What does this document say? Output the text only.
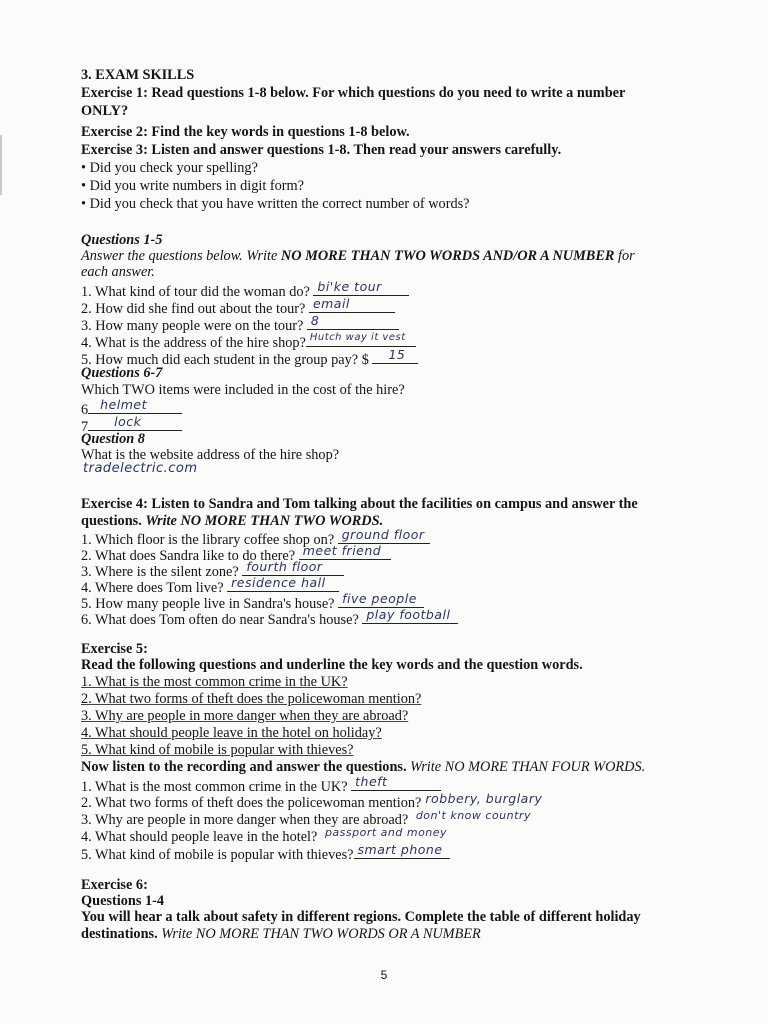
3. EXAM SKILLS
Exercise 1: Read questions 1-8 below. For which questions do you need to write a number
ONLY?
Exercise 2: Find the key words in questions 1-8 below.
Exercise 3: Listen and answer questions 1-8. Then read your answers carefully.
• Did you check your spelling?
• Did you write numbers in digit form?
• Did you check that you have written the correct number of words?
Questions 1-5
Answer the questions below. Write NO MORE THAN TWO WORDS AND/OR A NUMBER for
each answer.
1. What kind of tour did the woman do? bi'ke tour
2. How did she find out about the tour? email
3. How many people were on the tour? 8
4. What is the address of the hire shop? Hutch way it vest
5. How much did each student in the group pay? $ 15
Questions 6-7
Which TWO items were included in the cost of the hire?
6 helmet
7 lock
Question 8
What is the website address of the hire shop?
tradelectric.com
Exercise 4: Listen to Sandra and Tom talking about the facilities on campus and answer the
questions. Write NO MORE THAN TWO WORDS.
1. Which floor is the library coffee shop on? ground floor
2. What does Sandra like to do there? meet friend
3. Where is the silent zone? fourth floor
4. Where does Tom live? residence hall
5. How many people live in Sandra's house? five people
6. What does Tom often do near Sandra's house? play football
Exercise 5:
Read the following questions and underline the key words and the question words.
1. What is the most common crime in the UK?
2. What two forms of theft does the policewoman mention?
3. Why are people in more danger when they are abroad?
4. What should people leave in the hotel on holiday?
5. What kind of mobile is popular with thieves?
Now listen to the recording and answer the questions. Write NO MORE THAN FOUR WORDS.
1. What is the most common crime in the UK? theft
2. What two forms of theft does the policewoman mention? robbery, burglary
3. Why are people in more danger when they are abroad? don't know country
4. What should people leave in the hotel? passport and money
5. What kind of mobile is popular with thieves? smart phone
Exercise 6:
Questions 1-4
You will hear a talk about safety in different regions. Complete the table of different holiday
destinations. Write NO MORE THAN TWO WORDS OR A NUMBER
5
